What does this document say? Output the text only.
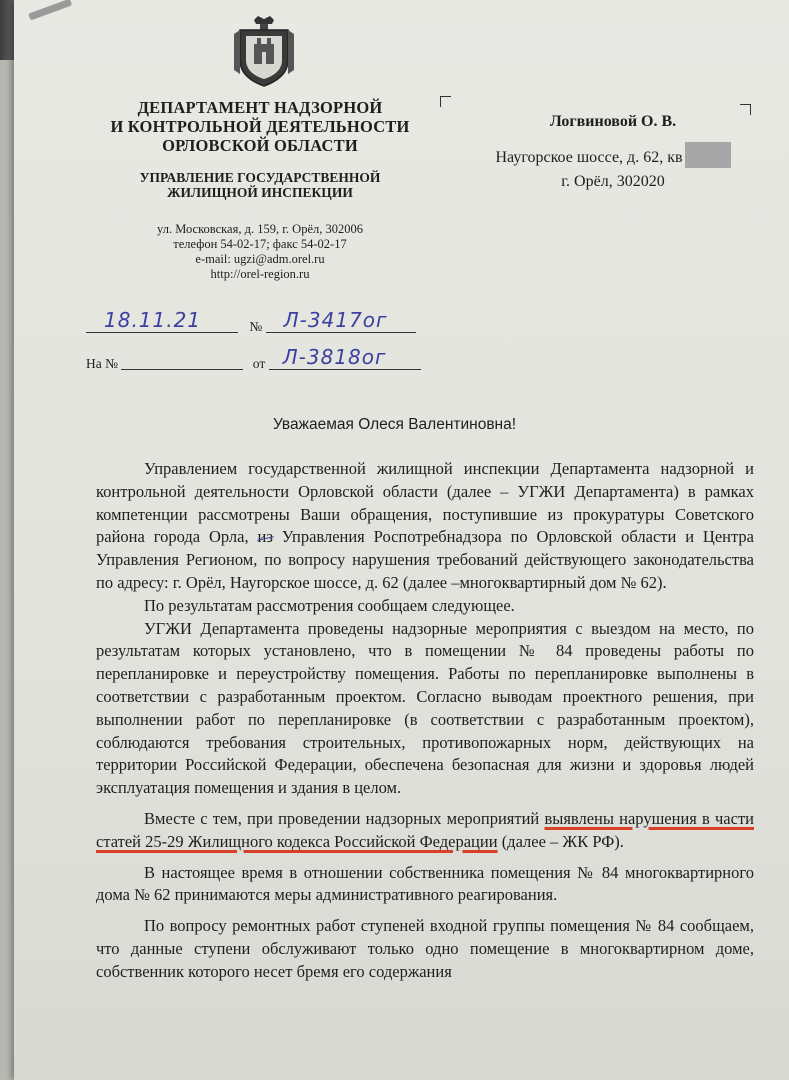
ДЕПАРТАМЕНТ НАДЗОРНОЙ
И КОНТРОЛЬНОЙ ДЕЯТЕЛЬНОСТИ
ОРЛОВСКОЙ ОБЛАСТИ
УПРАВЛЕНИЕ ГОСУДАРСТВЕННОЙ
ЖИЛИЩНОЙ ИНСПЕКЦИИ
ул. Московская, д. 159, г. Орёл, 302006
телефон 54-02-17; факс 54-02-17
e-mail: ugzi@adm.orel.ru
http://orel-region.ru
Логвиновой О. В.
Наугорское шоссе, д. 62, кв
г. Орёл, 302020
18.11.21	№ Л-3417ог
На №	от Л-3818ог
Уважаемая Олеся Валентиновна!

Управлением государственной жилищной инспекции Департамента надзорной и контрольной деятельности Орловской области (далее – УГЖИ Департамента) в рамках компетенции рассмотрены Ваши обращения, поступившие из прокуратуры Советского района города Орла, из Управления Роспотребнадзора по Орловской области и Центра Управления Регионом, по вопросу нарушения требований действующего законодательства по адресу: г. Орёл, Наугорское шоссе, д. 62 (далее –многоквартирный дом № 62).

По результатам рассмотрения сообщаем следующее.

УГЖИ Департамента проведены надзорные мероприятия с выездом на место, по результатам которых установлено, что в помещении № 84 проведены работы по перепланировке и переустройству помещения. Работы по перепланировке выполнены в соответствии с разработанным проектом. Согласно выводам проектного решения, при выполнении работ по перепланировке (в соответствии с разработанным проектом), соблюдаются требования строительных, противопожарных норм, действующих на территории Российской Федерации, обеспечена безопасная для жизни и здоровья людей эксплуатация помещения и здания в целом.

Вместе с тем, при проведении надзорных мероприятий выявлены нарушения в части статей 25-29 Жилищного кодекса Российской Федерации (далее – ЖК РФ).

В настоящее время в отношении собственника помещения № 84 многоквартирного дома № 62 принимаются меры административного реагирования.

По вопросу ремонтных работ ступеней входной группы помещения № 84 сообщаем, что данные ступени обслуживают только одно помещение в многоквартирном доме, собственник которого несет бремя его содержания
